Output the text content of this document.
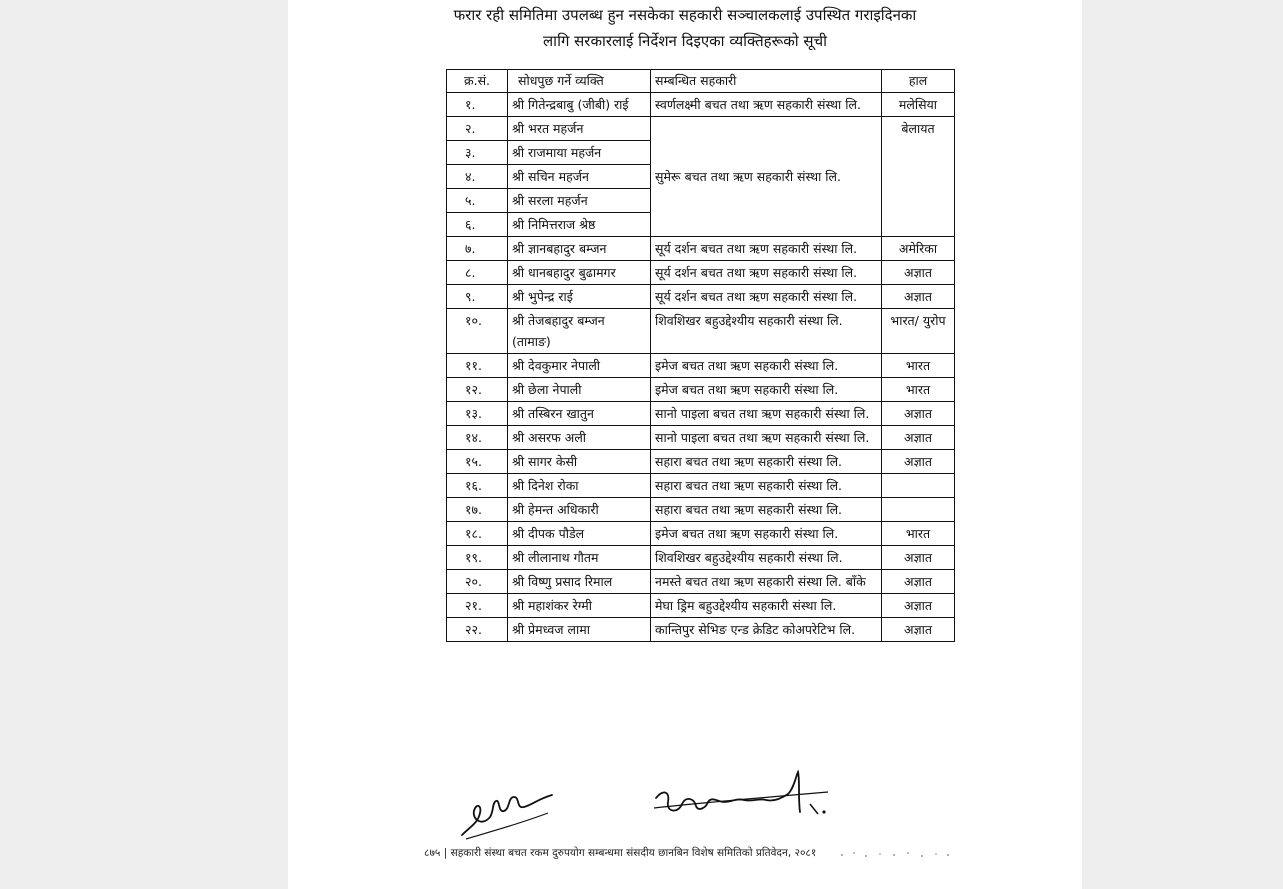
फरार रही समितिमा उपलब्ध हुन नसकेका सहकारी सञ्चालकलाई उपस्थित गराइदिनका
लागि सरकारलाई निर्देशन दिइएका व्यक्तिहरूको सूची
क्र.सं.	सोधपुछ गर्ने व्यक्ति	सम्बन्धित सहकारी	हाल
१.	श्री गितेन्द्रबाबु (जीबी) राई	स्वर्णलक्ष्मी बचत तथा ऋण सहकारी संस्था लि.	मलेसिया
२.	श्री भरत महर्जन	सुमेरू बचत तथा ऋण सहकारी संस्था लि.	बेलायत
३.	श्री राजमाया महर्जन		
४.	श्री सचिन महर्जन		
५.	श्री सरला महर्जन		
६.	श्री निमित्तराज श्रेष्ठ		
७.	श्री ज्ञानबहादुर बम्जन	सूर्य दर्शन बचत तथा ऋण सहकारी संस्था लि.	अमेरिका
८.	श्री धानबहादुर बुढामगर	सूर्य दर्शन बचत तथा ऋण सहकारी संस्था लि.	अज्ञात
९.	श्री भुपेन्द्र राई	सूर्य दर्शन बचत तथा ऋण सहकारी संस्था लि.	अज्ञात
१०.	श्री तेजबहादुर बम्जन (तामाङ)	शिवशिखर बहुउद्देश्यीय सहकारी संस्था लि.	भारत/ युरोप
११.	श्री देवकुमार नेपाली	इमेज बचत तथा ऋण सहकारी संस्था लि.	भारत
१२.	श्री छेला नेपाली	इमेज बचत तथा ऋण सहकारी संस्था लि.	भारत
१३.	श्री तस्बिरन खातुन	सानो पाइला बचत तथा ऋण सहकारी संस्था लि.	अज्ञात
१४.	श्री असरफ अली	सानो पाइला बचत तथा ऋण सहकारी संस्था लि.	अज्ञात
१५.	श्री सागर केसी	सहारा बचत तथा ऋण सहकारी संस्था लि.	अज्ञात
१६.	श्री दिनेश रोका	सहारा बचत तथा ऋण सहकारी संस्था लि.	
१७.	श्री हेमन्त अधिकारी	सहारा बचत तथा ऋण सहकारी संस्था लि.	
१८.	श्री दीपक पौडेल	इमेज बचत तथा ऋण सहकारी संस्था लि.	भारत
१९.	श्री लीलानाथ गौतम	शिवशिखर बहुउद्देश्यीय सहकारी संस्था लि.	अज्ञात
२०.	श्री विष्णु प्रसाद रिमाल	नमस्ते बचत तथा ऋण सहकारी संस्था लि. बाँके	अज्ञात
२१.	श्री महाशंकर रेग्मी	मेघा ड्रिम बहुउद्देश्यीय सहकारी संस्था लि.	अज्ञात
२२.	श्री प्रेमध्वज लामा	कान्तिपुर सेभिङ एन्ड क्रेडिट कोअपरेटिभ लि.	अज्ञात
८७५ | सहकारी संस्था बचत रकम दुरुपयोग सम्बन्धमा संसदीय छानबिन विशेष समितिको प्रतिवेदन, २०८१
